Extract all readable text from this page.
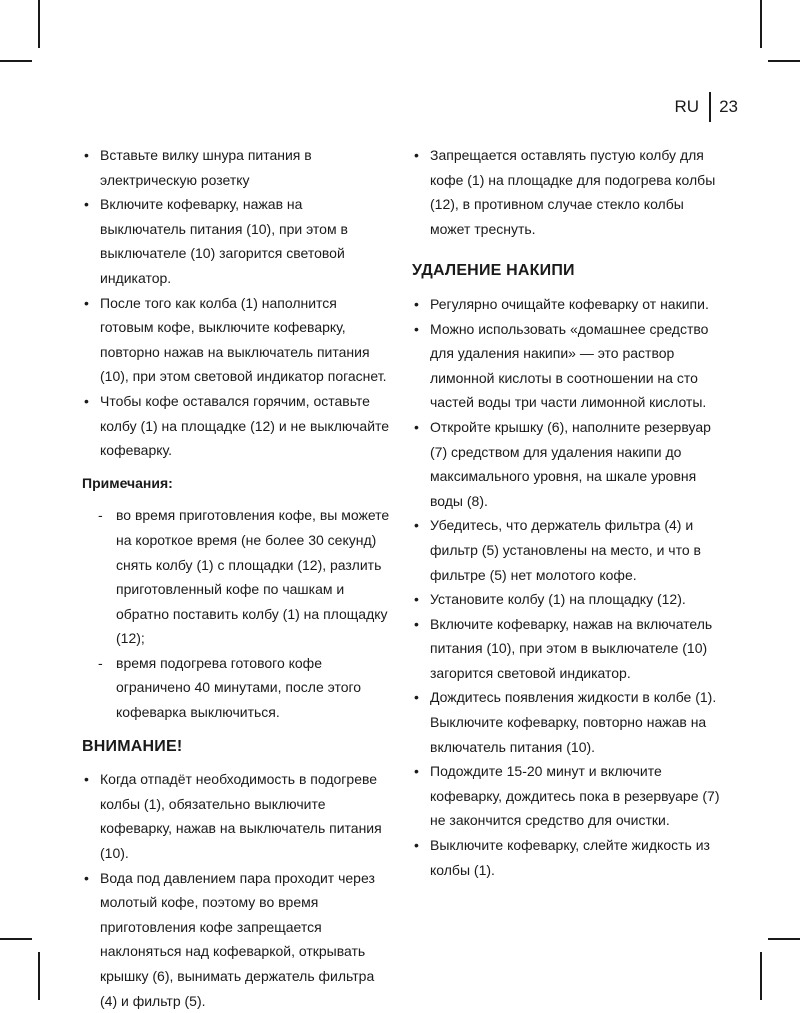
RU	23
• Вставьте вилку шнура питания в электрическую розетку
• Включите кофеварку, нажав на выключатель питания (10), при этом в выключателе (10) загорится световой индикатор.
• После того как колба (1) наполнится готовым кофе, выключите кофеварку, повторно нажав на выключатель питания (10), при этом световой индикатор погаснет.
• Чтобы кофе оставался горячим, оставьте колбу (1) на площадке (12) и не выключайте кофеварку.
Примечания:
- во время приготовления кофе, вы можете на короткое время (не более 30 секунд) снять колбу (1) с площадки (12), разлить приготовленный кофе по чашкам и обратно поставить колбу (1) на площадку (12);
- время подогрева готового кофе ограничено 40 минутами, после этого кофеварка выключиться.
ВНИМАНИЕ!
• Когда отпадёт необходимость в подогреве колбы (1), обязательно выключите кофеварку, нажав на выключатель питания (10).
• Вода под давлением пара проходит через молотый кофе, поэтому во время приготовления кофе запрещается наклоняться над кофеваркой, открывать крышку (6), вынимать держатель фильтра (4) и фильтр (5).
• Запрещается оставлять пустую колбу для кофе (1) на площадке для подогрева колбы (12), в противном случае стекло колбы может треснуть.
УДАЛЕНИЕ НАКИПИ
• Регулярно очищайте кофеварку от накипи.
• Можно использовать «домашнее средство для удаления накипи» — это раствор лимонной кислоты в соотношении на сто частей воды три части лимонной кислоты.
• Откройте крышку (6), наполните резервуар (7) средством для удаления накипи до максимального уровня, на шкале уровня воды (8).
• Убедитесь, что держатель фильтра (4) и фильтр (5) установлены на место, и что в фильтре (5) нет молотого кофе.
• Установите колбу (1) на площадку (12).
• Включите кофеварку, нажав на включатель питания (10), при этом в выключателе (10) загорится световой индикатор.
• Дождитесь появления жидкости в колбе (1). Выключите кофеварку, повторно нажав на включатель питания (10).
• Подождите 15-20 минут и включите кофеварку, дождитесь пока в резервуаре (7) не закончится средство для очистки.
• Выключите кофеварку, слейте жидкость из колбы (1).
